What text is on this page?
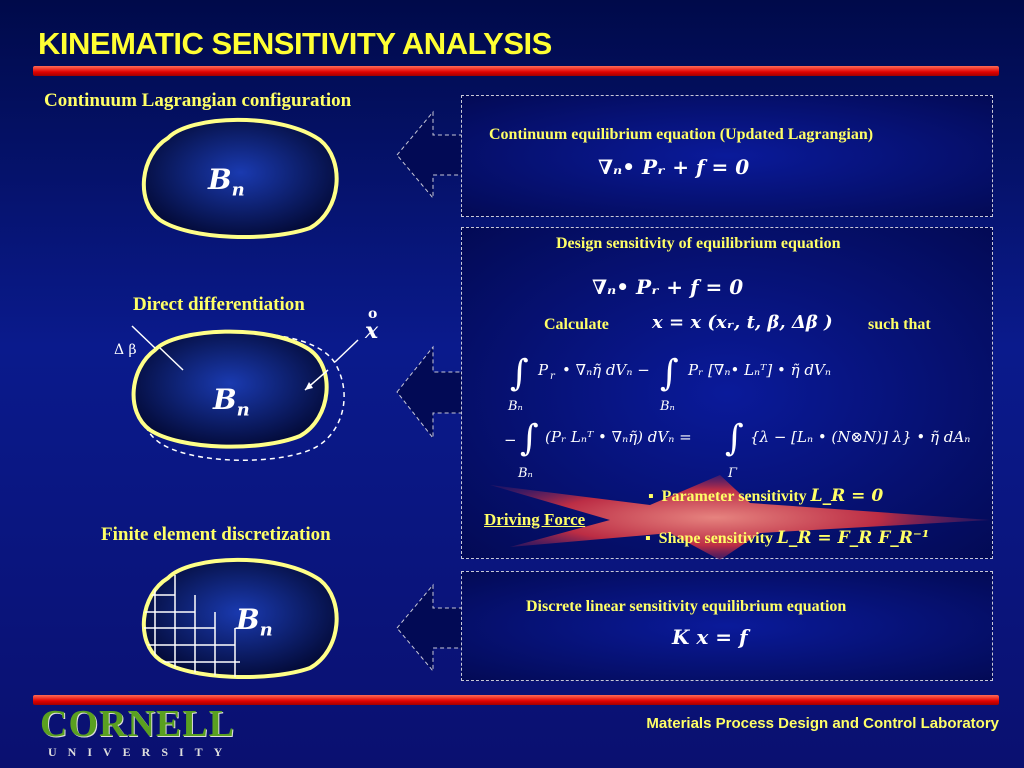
KINEMATIC SENSITIVITY ANALYSIS
Continuum Lagrangian configuration
Direct differentiation
Finite element discretization
$B_n$
Δ β
o
x
$B_n$
$B_n$
Continuum equilibrium equation (Updated Lagrangian)
∇ₙ• Pᵣ + f = 0
Design sensitivity of equilibrium equation
∇ₙ• Pᵣ + f = 0
Calculate x = x (xᵣ, t, β, Δβ ) such that
∫ P r • ∇ₙη̃ dVₙ − ∫ Pᵣ [∇ₙ• Lₙᵀ] • η̃ dVₙ
Bₙ	Bₙ
− ∫ (Pᵣ Lₙᵀ • ∇ₙη̃) dVₙ = ∫ {λ − [Lₙ • (N⊗N)] λ} • η̃ dAₙ
Bₙ	Γ
Driving Force
▪  Parameter sensitivity L_R = 0
▪  Shape sensitivity L_R = F_R F_R⁻¹
Discrete linear sensitivity equilibrium equation
K x = f
CORNELL
UNIVERSITY
Materials Process Design and Control Laboratory
